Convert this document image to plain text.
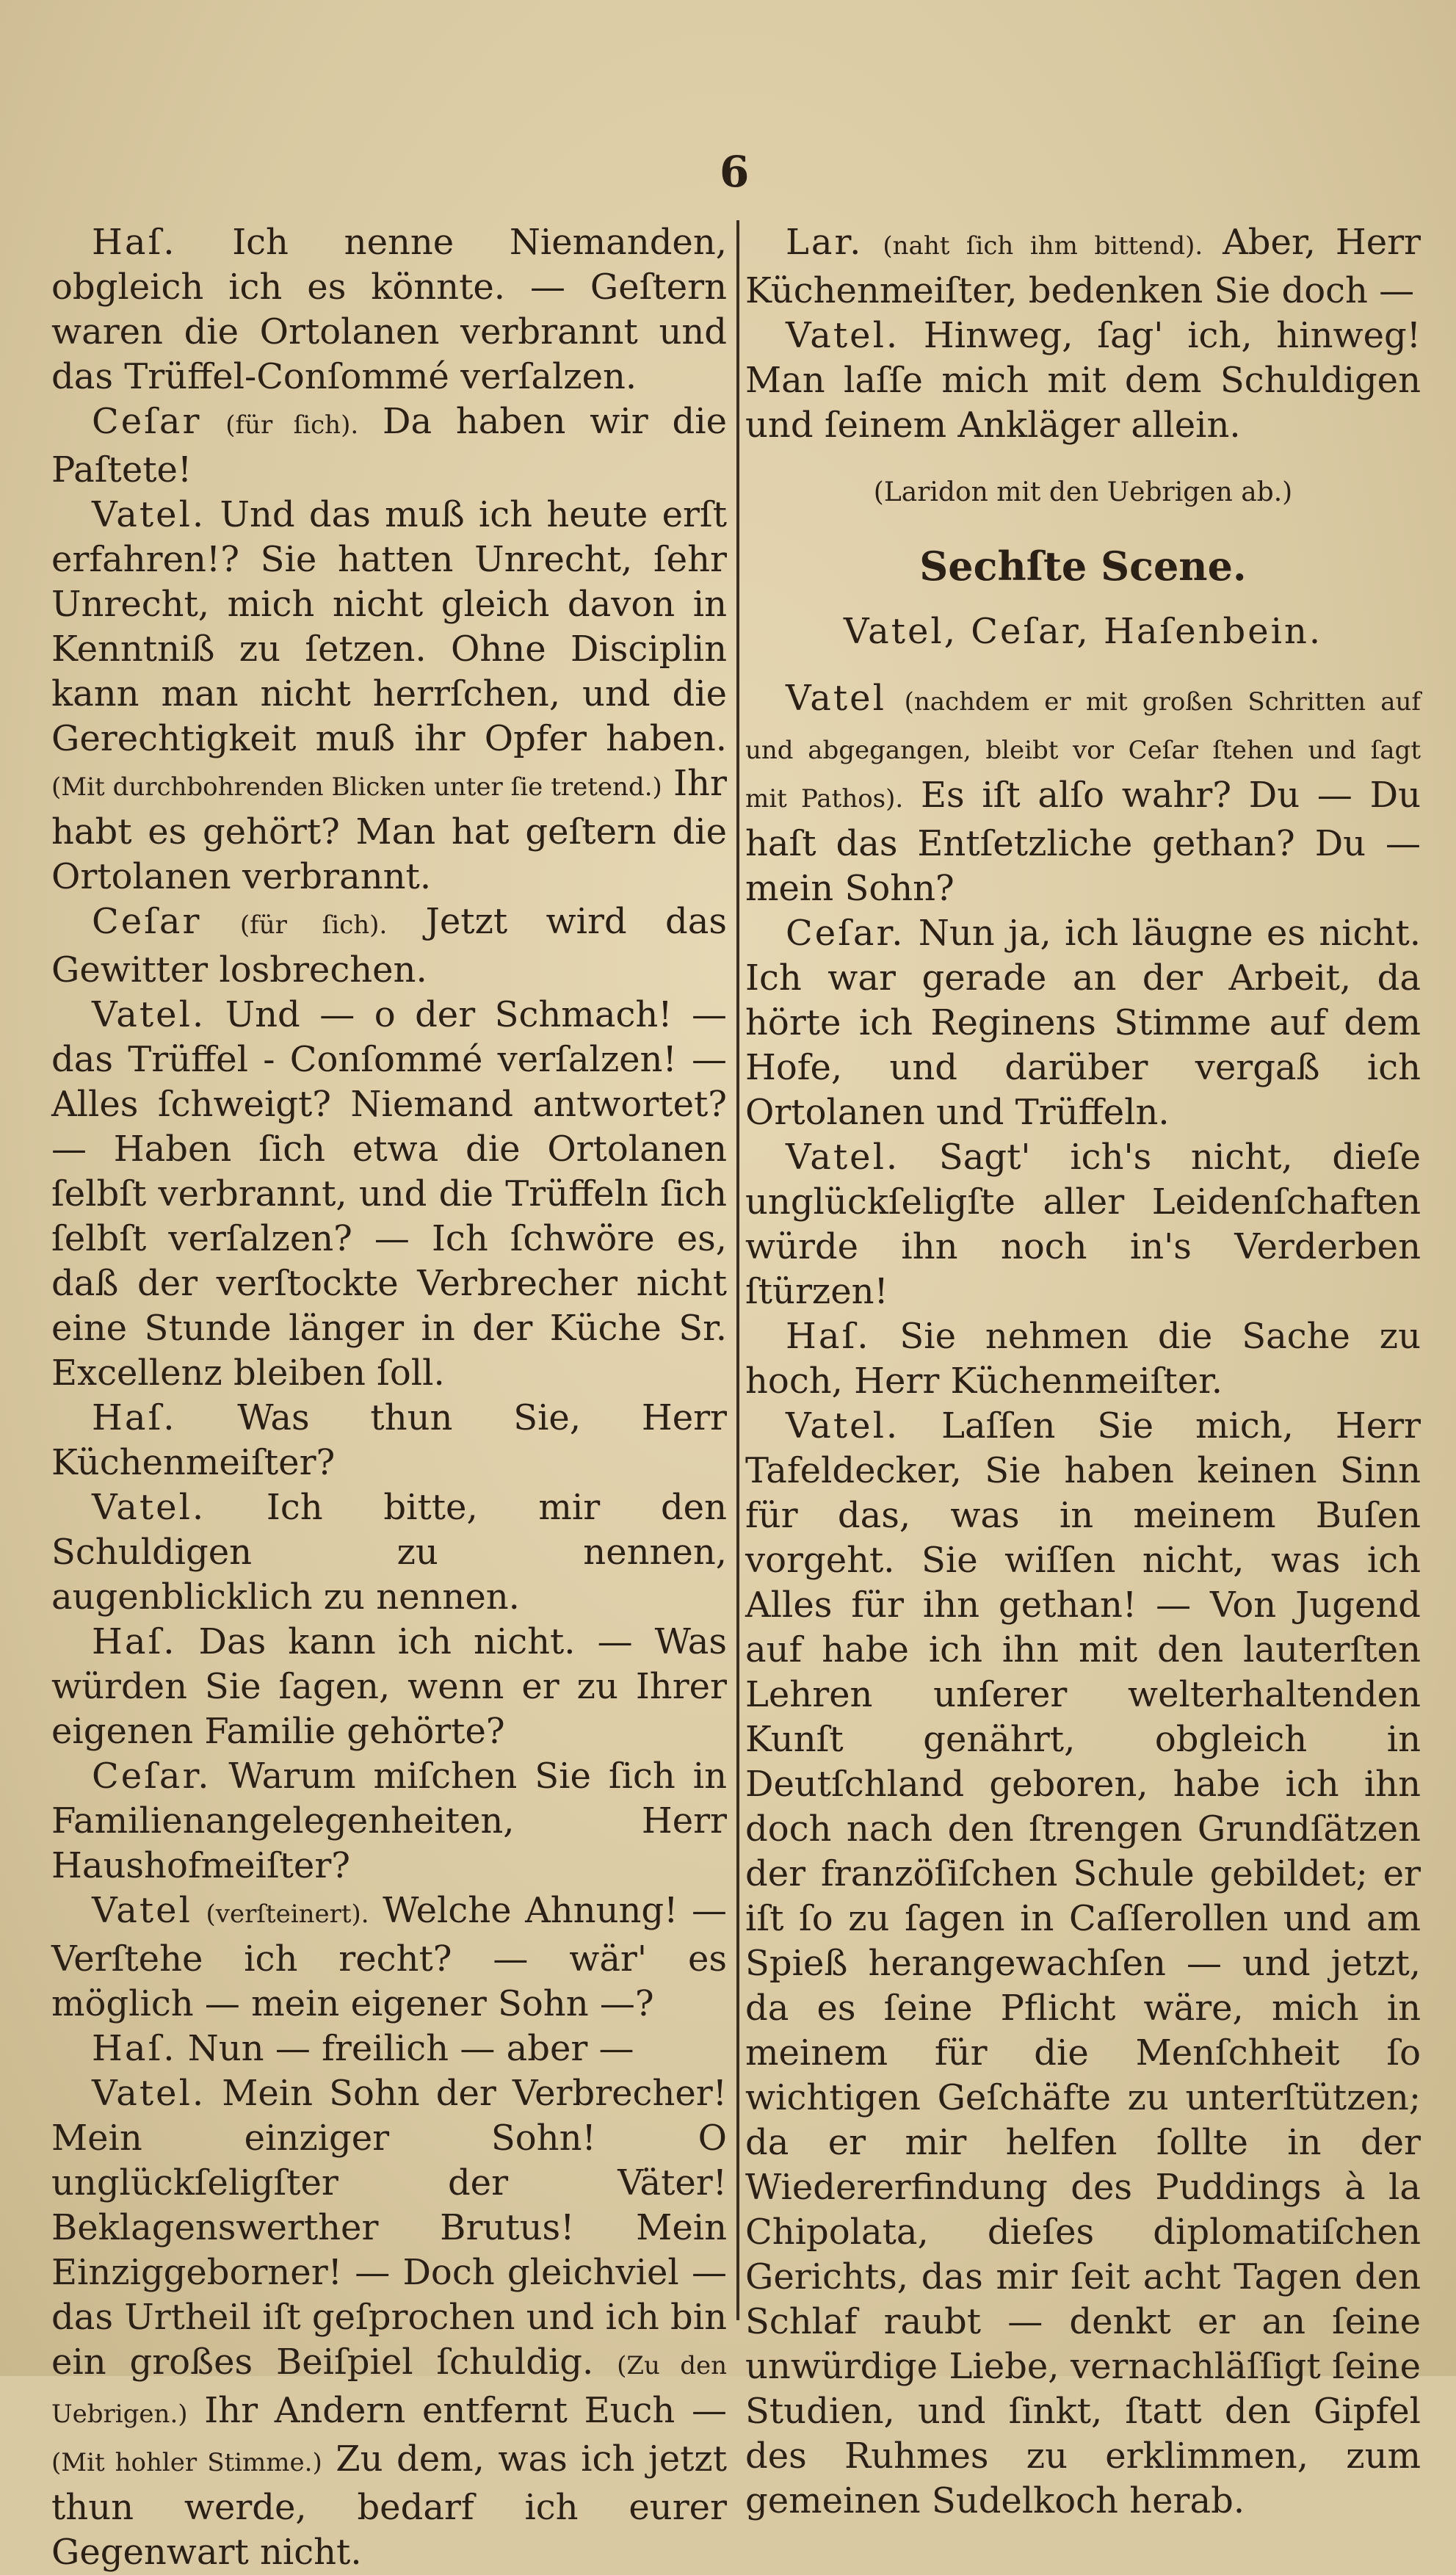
6

Haſ. Ich nenne Niemanden, obgleich ich es könnte. — Geſtern waren die Ortolanen verbrannt und das Trüffel-Conſommé verſalzen.

Ceſar (für ſich). Da haben wir die Paſtete!

Vatel. Und das muß ich heute erſt erfahren!? Sie hatten Unrecht, ſehr Unrecht, mich nicht gleich davon in Kenntniß zu ſetzen. Ohne Disciplin kann man nicht herrſchen, und die Gerechtigkeit muß ihr Opfer haben. (Mit durchbohrenden Blicken unter ſie tretend.) Ihr habt es gehört? Man hat geſtern die Ortolanen verbrannt.

Ceſar (für ſich). Jetzt wird das Gewitter losbrechen.

Vatel. Und — o der Schmach! — das Trüffel - Conſommé verſalzen! — Alles ſchweigt? Niemand antwortet? — Haben ſich etwa die Ortolanen ſelbſt verbrannt, und die Trüffeln ſich ſelbſt verſalzen? — Ich ſchwöre es, daß der verſtockte Verbrecher nicht eine Stunde länger in der Küche Sr. Excellenz bleiben ſoll.

Haſ. Was thun Sie, Herr Küchenmeiſter?

Vatel. Ich bitte, mir den Schuldigen zu nennen, augenblicklich zu nennen.

Haſ. Das kann ich nicht. — Was würden Sie ſagen, wenn er zu Ihrer eigenen Familie gehörte?

Ceſar. Warum miſchen Sie ſich in Familienangelegenheiten, Herr Haushofmeiſter?

Vatel (verſteinert). Welche Ahnung! — Verſtehe ich recht? — wär' es möglich — mein eigener Sohn —?

Haſ. Nun — freilich — aber —

Vatel. Mein Sohn der Verbrecher! Mein einziger Sohn! O unglückſeligſter der Väter! Beklagenswerther Brutus! Mein Einziggeborner! — Doch gleichviel — das Urtheil iſt geſprochen und ich bin ein großes Beiſpiel ſchuldig. (Zu den Uebrigen.) Ihr Andern entfernt Euch — (Mit hohler Stimme.) Zu dem, was ich jetzt thun werde, bedarf ich eurer Gegenwart nicht.

Lar. (naht ſich ihm bittend). Aber, Herr Küchenmeiſter, bedenken Sie doch —

Vatel. Hinweg, ſag' ich, hinweg! Man laſſe mich mit dem Schuldigen und ſeinem Ankläger allein.

(Laridon mit den Uebrigen ab.)

Sechſte Scene.

Vatel, Ceſar, Haſenbein.

Vatel (nachdem er mit großen Schritten auf und abgegangen, bleibt vor Ceſar ſtehen und ſagt mit Pathos). Es iſt alſo wahr? Du — Du haſt das Entſetzliche gethan? Du — mein Sohn?

Ceſar. Nun ja, ich läugne es nicht. Ich war gerade an der Arbeit, da hörte ich Reginens Stimme auf dem Hofe, und darüber vergaß ich Ortolanen und Trüffeln.

Vatel. Sagt' ich's nicht, dieſe unglückſeligſte aller Leidenſchaften würde ihn noch in's Verderben ſtürzen!

Haſ. Sie nehmen die Sache zu hoch, Herr Küchenmeiſter.

Vatel. Laſſen Sie mich, Herr Tafeldecker, Sie haben keinen Sinn für das, was in meinem Buſen vorgeht. Sie wiſſen nicht, was ich Alles für ihn gethan! — Von Jugend auf habe ich ihn mit den lauterſten Lehren unſerer welterhaltenden Kunſt genährt, obgleich in Deutſchland geboren, habe ich ihn doch nach den ſtrengen Grundſätzen der franzöſiſchen Schule gebildet; er iſt ſo zu ſagen in Caſſerollen und am Spieß herangewachſen — und jetzt, da es ſeine Pflicht wäre, mich in meinem für die Menſchheit ſo wichtigen Geſchäfte zu unterſtützen; da er mir helfen ſollte in der Wiedererfindung des Puddings à la Chipolata, dieſes diplomatiſchen Gerichts, das mir ſeit acht Tagen den Schlaf raubt — denkt er an ſeine unwürdige Liebe, vernachläſſigt ſeine Studien, und ſinkt, ſtatt den Gipfel des Ruhmes zu erklimmen, zum gemeinen Sudelkoch herab.
